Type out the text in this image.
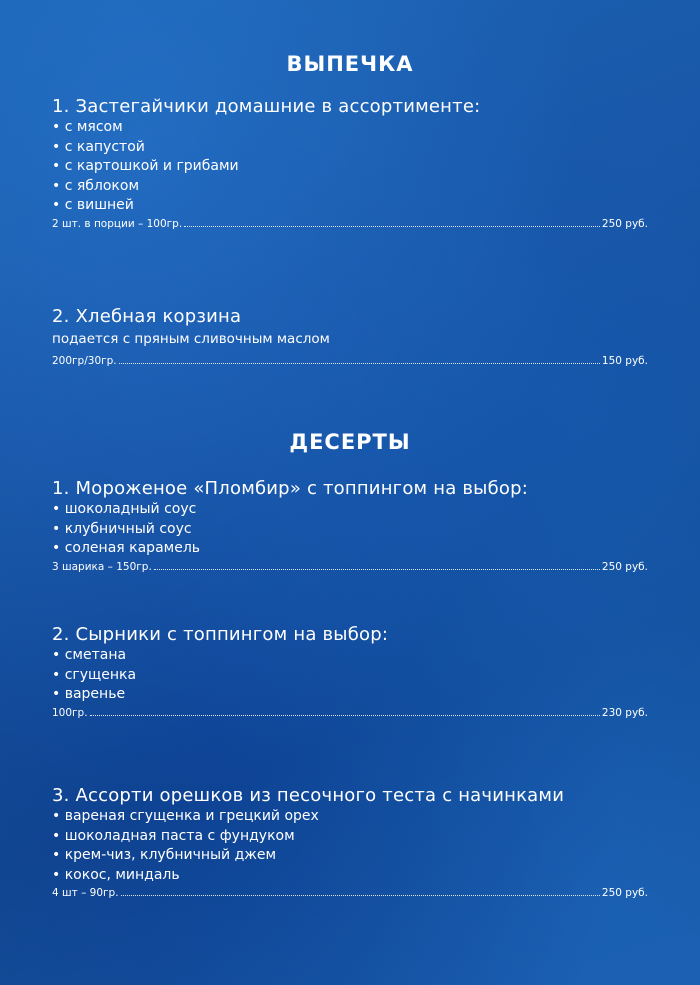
ВЫПЕЧКА
1. Застегайчики домашние в ассортименте:
• с мясом
• с капустой
• с картошкой и грибами
• с яблоком
• с вишней
2 шт. в порции – 100гр.	250 руб.
2. Хлебная корзина
подается с пряным сливочным маслом
200гр/30гр.	150 руб.
ДЕСЕРТЫ
1. Мороженое «Пломбир» с топпингом на выбор:
• шоколадный соус
• клубничный соус
• соленая карамель
3 шарика – 150гр.	250 руб.
2. Сырники с топпингом на выбор:
• сметана
• сгущенка
• варенье
100гр.	230 руб.
3. Ассорти орешков из песочного теста с начинками
• вареная сгущенка и грецкий орех
• шоколадная паста с фундуком
• крем-чиз, клубничный джем
• кокос, миндаль
4 шт – 90гр.	250 руб.
